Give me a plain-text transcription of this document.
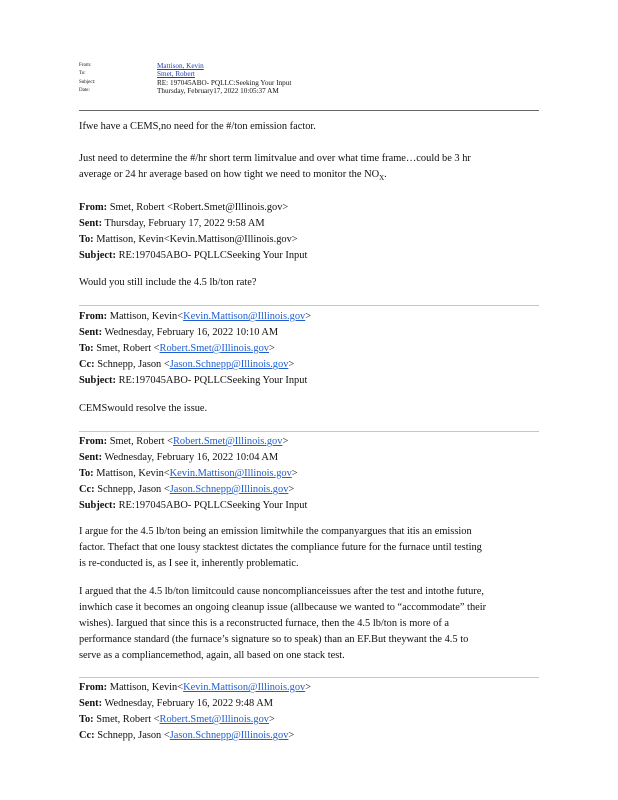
From:	Mattison, Kevin
To:	Smet, Robert
Subject:	RE: 197045ABO- PQLLC:Seeking Your Input
Date:	Thursday, February17, 2022 10:05:37 AM
Ifwe have a CEMS,no need for the #/ton emission factor.
Just need to determine the #/hr short term limitvalue and over what time frame…could be 3 hr
average or 24 hr average based on how tight we need to monitor the $NO_X$.
From: Smet, Robert <Robert.Smet@Illinois.gov>
Sent: Thursday, February 17, 2022 9:58 AM
To: Mattison, Kevin<Kevin.Mattison@Illinois.gov>
Subject: RE:197045ABO- PQLLCSeeking Your Input
Would you still include the 4.5 lb/ton rate?
From: Mattison, Kevin<Kevin.Mattison@Illinois.gov>
Sent: Wednesday, February 16, 2022 10:10 AM
To: Smet, Robert <Robert.Smet@Illinois.gov>
Cc: Schnepp, Jason <Jason.Schnepp@Illinois.gov>
Subject: RE:197045ABO- PQLLCSeeking Your Input
CEMSwould resolve the issue.
From: Smet, Robert <Robert.Smet@Illinois.gov>
Sent: Wednesday, February 16, 2022 10:04 AM
To: Mattison, Kevin<Kevin.Mattison@Illinois.gov>
Cc: Schnepp, Jason <Jason.Schnepp@Illinois.gov>
Subject: RE:197045ABO- PQLLCSeeking Your Input
I argue for the 4.5 lb/ton being an emission limitwhile the companyargues that itis an emission
factor. Thefact that one lousy stacktest dictates the compliance future for the furnace until testing
is re-conducted is, as I see it, inherently problematic.
I argued that the 4.5 lb/ton limitcould cause noncomplianceissues after the test and intothe future,
inwhich case it becomes an ongoing cleanup issue (allbecause we wanted to “accommodate” their
wishes). Iargued that since this is a reconstructed furnace, then the 4.5 lb/ton is more of a
performance standard (the furnace’s signature so to speak) than an EF.But theywant the 4.5 to
serve as a compliancemethod, again, all based on one stack test.
From: Mattison, Kevin<Kevin.Mattison@Illinois.gov>
Sent: Wednesday, February 16, 2022 9:48 AM
To: Smet, Robert <Robert.Smet@Illinois.gov>
Cc: Schnepp, Jason <Jason.Schnepp@Illinois.gov>
